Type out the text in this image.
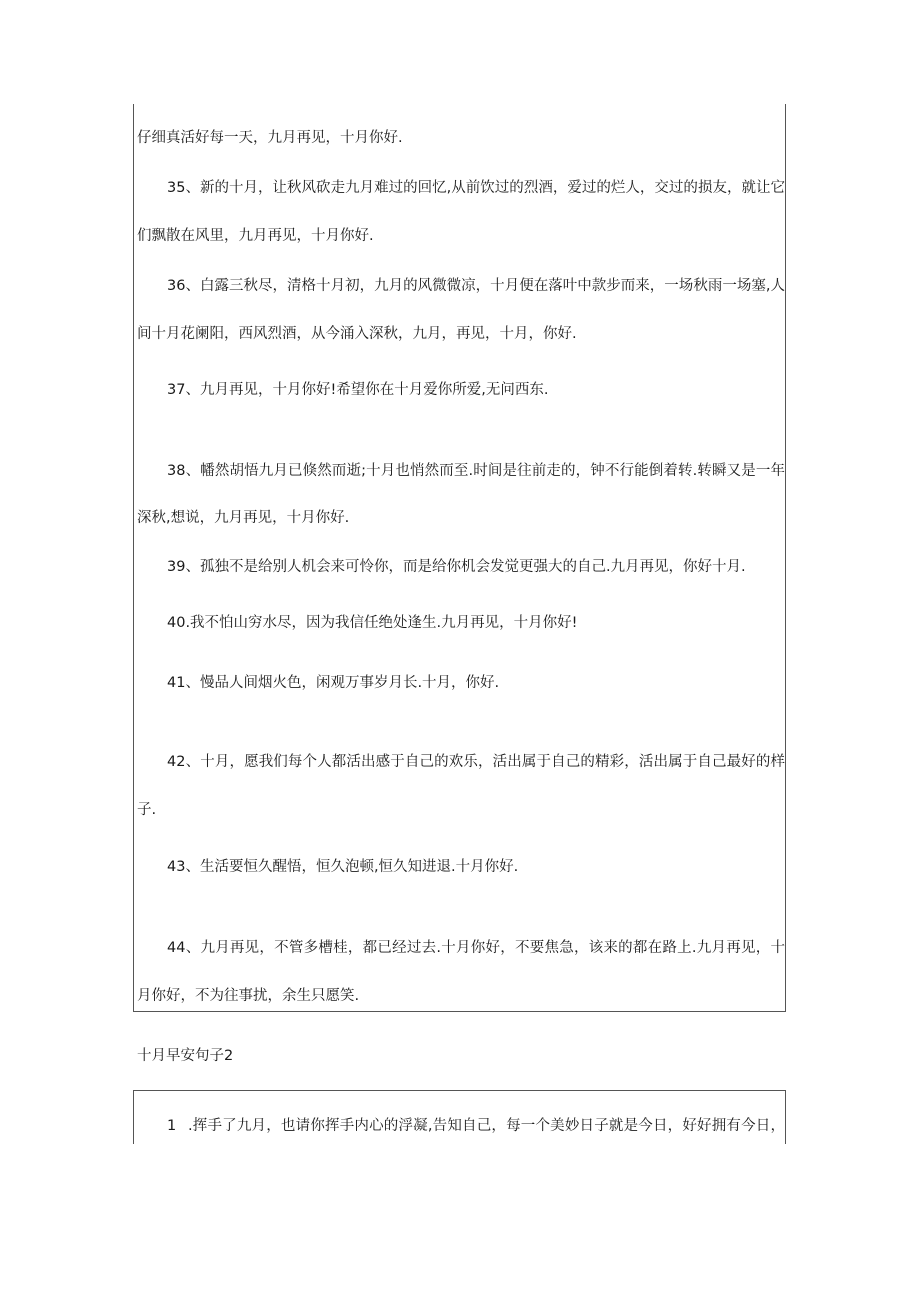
仔细真活好每一天，九月再见，十月你好.
35、新的十月，让秋风砍走九月难过的回忆,从前饮过的烈酒，爱过的烂人，交过的损友，就让它
们飘散在风里，九月再见，十月你好.
36、白露三秋尽，清格十月初，九月的风微微凉，十月便在落叶中款步而来，一场秋雨一场塞,人
间十月花阑阳，西风烈酒，从今涌入深秋，九月，再见，十月，你好.
37、九月再见，十月你好!希望你在十月爱你所爱,无问西东.
38、幡然胡悟九月已倏然而逝;十月也悄然而至.时间是往前走的，钟不行能倒着转.转瞬又是一年
深秋,想说，九月再见，十月你好.
39、孤独不是给别人机会来可怜你，而是给你机会发觉更强大的自己.九月再见，你好十月.
40.我不怕山穷水尽，因为我信任绝处逢生.九月再见，十月你好!
41、慢品人间烟火色，闲观万事岁月长.十月，你好.
42、十月，愿我们每个人都活出感于自己的欢乐，活出属于自己的精彩，活出属于自己最好的样
子.
43、生活要恒久醒悟，恒久泡顿,恒久知进退.十月你好.
44、九月再见，不管多槽桂，都已经过去.十月你好，不要焦急，该来的都在路上.九月再见，十
月你好，不为往事扰，余生只愿笑.
十月早安句子2
1 .挥手了九月，也请你挥手内心的浮凝,告知自己，每一个美妙日子就是今日，好好拥有今日，
